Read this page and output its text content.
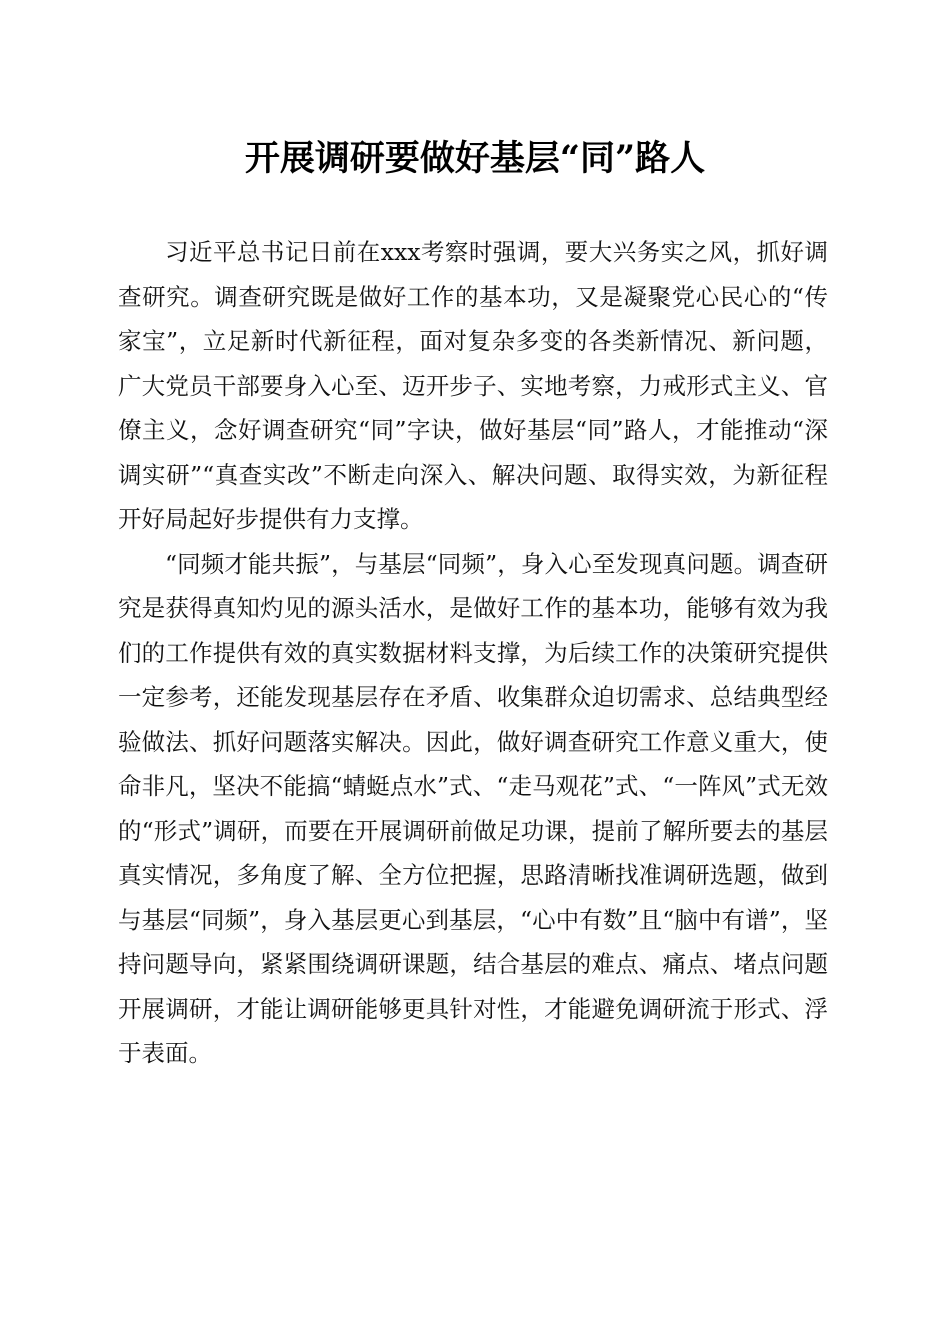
开展调研要做好基层“同”路人

习近平总书记日前在xxx考察时强调，要大兴务实之风，抓好调查研究。调查研究既是做好工作的基本功，又是凝聚党心民心的“传家宝”，立足新时代新征程，面对复杂多变的各类新情况、新问题，广大党员干部要身入心至、迈开步子、实地考察，力戒形式主义、官僚主义，念好调查研究“同”字诀，做好基层“同”路人，才能推动“深调实研”“真查实改”不断走向深入、解决问题、取得实效，为新征程开好局起好步提供有力支撑。

“同频才能共振”，与基层“同频”，身入心至发现真问题。调查研究是获得真知灼见的源头活水，是做好工作的基本功，能够有效为我们的工作提供有效的真实数据材料支撑，为后续工作的决策研究提供一定参考，还能发现基层存在矛盾、收集群众迫切需求、总结典型经验做法、抓好问题落实解决。因此，做好调查研究工作意义重大，使命非凡，坚决不能搞“蜻蜓点水”式、“走马观花”式、“一阵风”式无效的“形式”调研，而要在开展调研前做足功课，提前了解所要去的基层真实情况，多角度了解、全方位把握，思路清晰找准调研选题，做到与基层“同频”，身入基层更心到基层，“心中有数”且“脑中有谱”，坚持问题导向，紧紧围绕调研课题，结合基层的难点、痛点、堵点问题开展调研，才能让调研能够更具针对性，才能避免调研流于形式、浮于表面。
